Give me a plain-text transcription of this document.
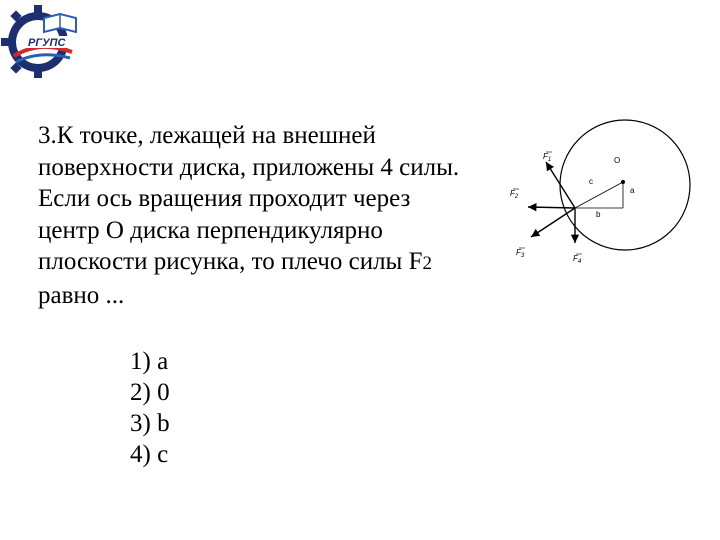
РГУПС

3.К точке, лежащей на внешней поверхности диска, приложены 4 силы. Если ось вращения проходит через центр О диска перпендикулярно плоскости рисунка, то плечо силы F2 равно ...

1) a
2) 0
3) b
4) c
$F_1$
$F_2$
$F_3$	$F_4$
O
a
b
c
